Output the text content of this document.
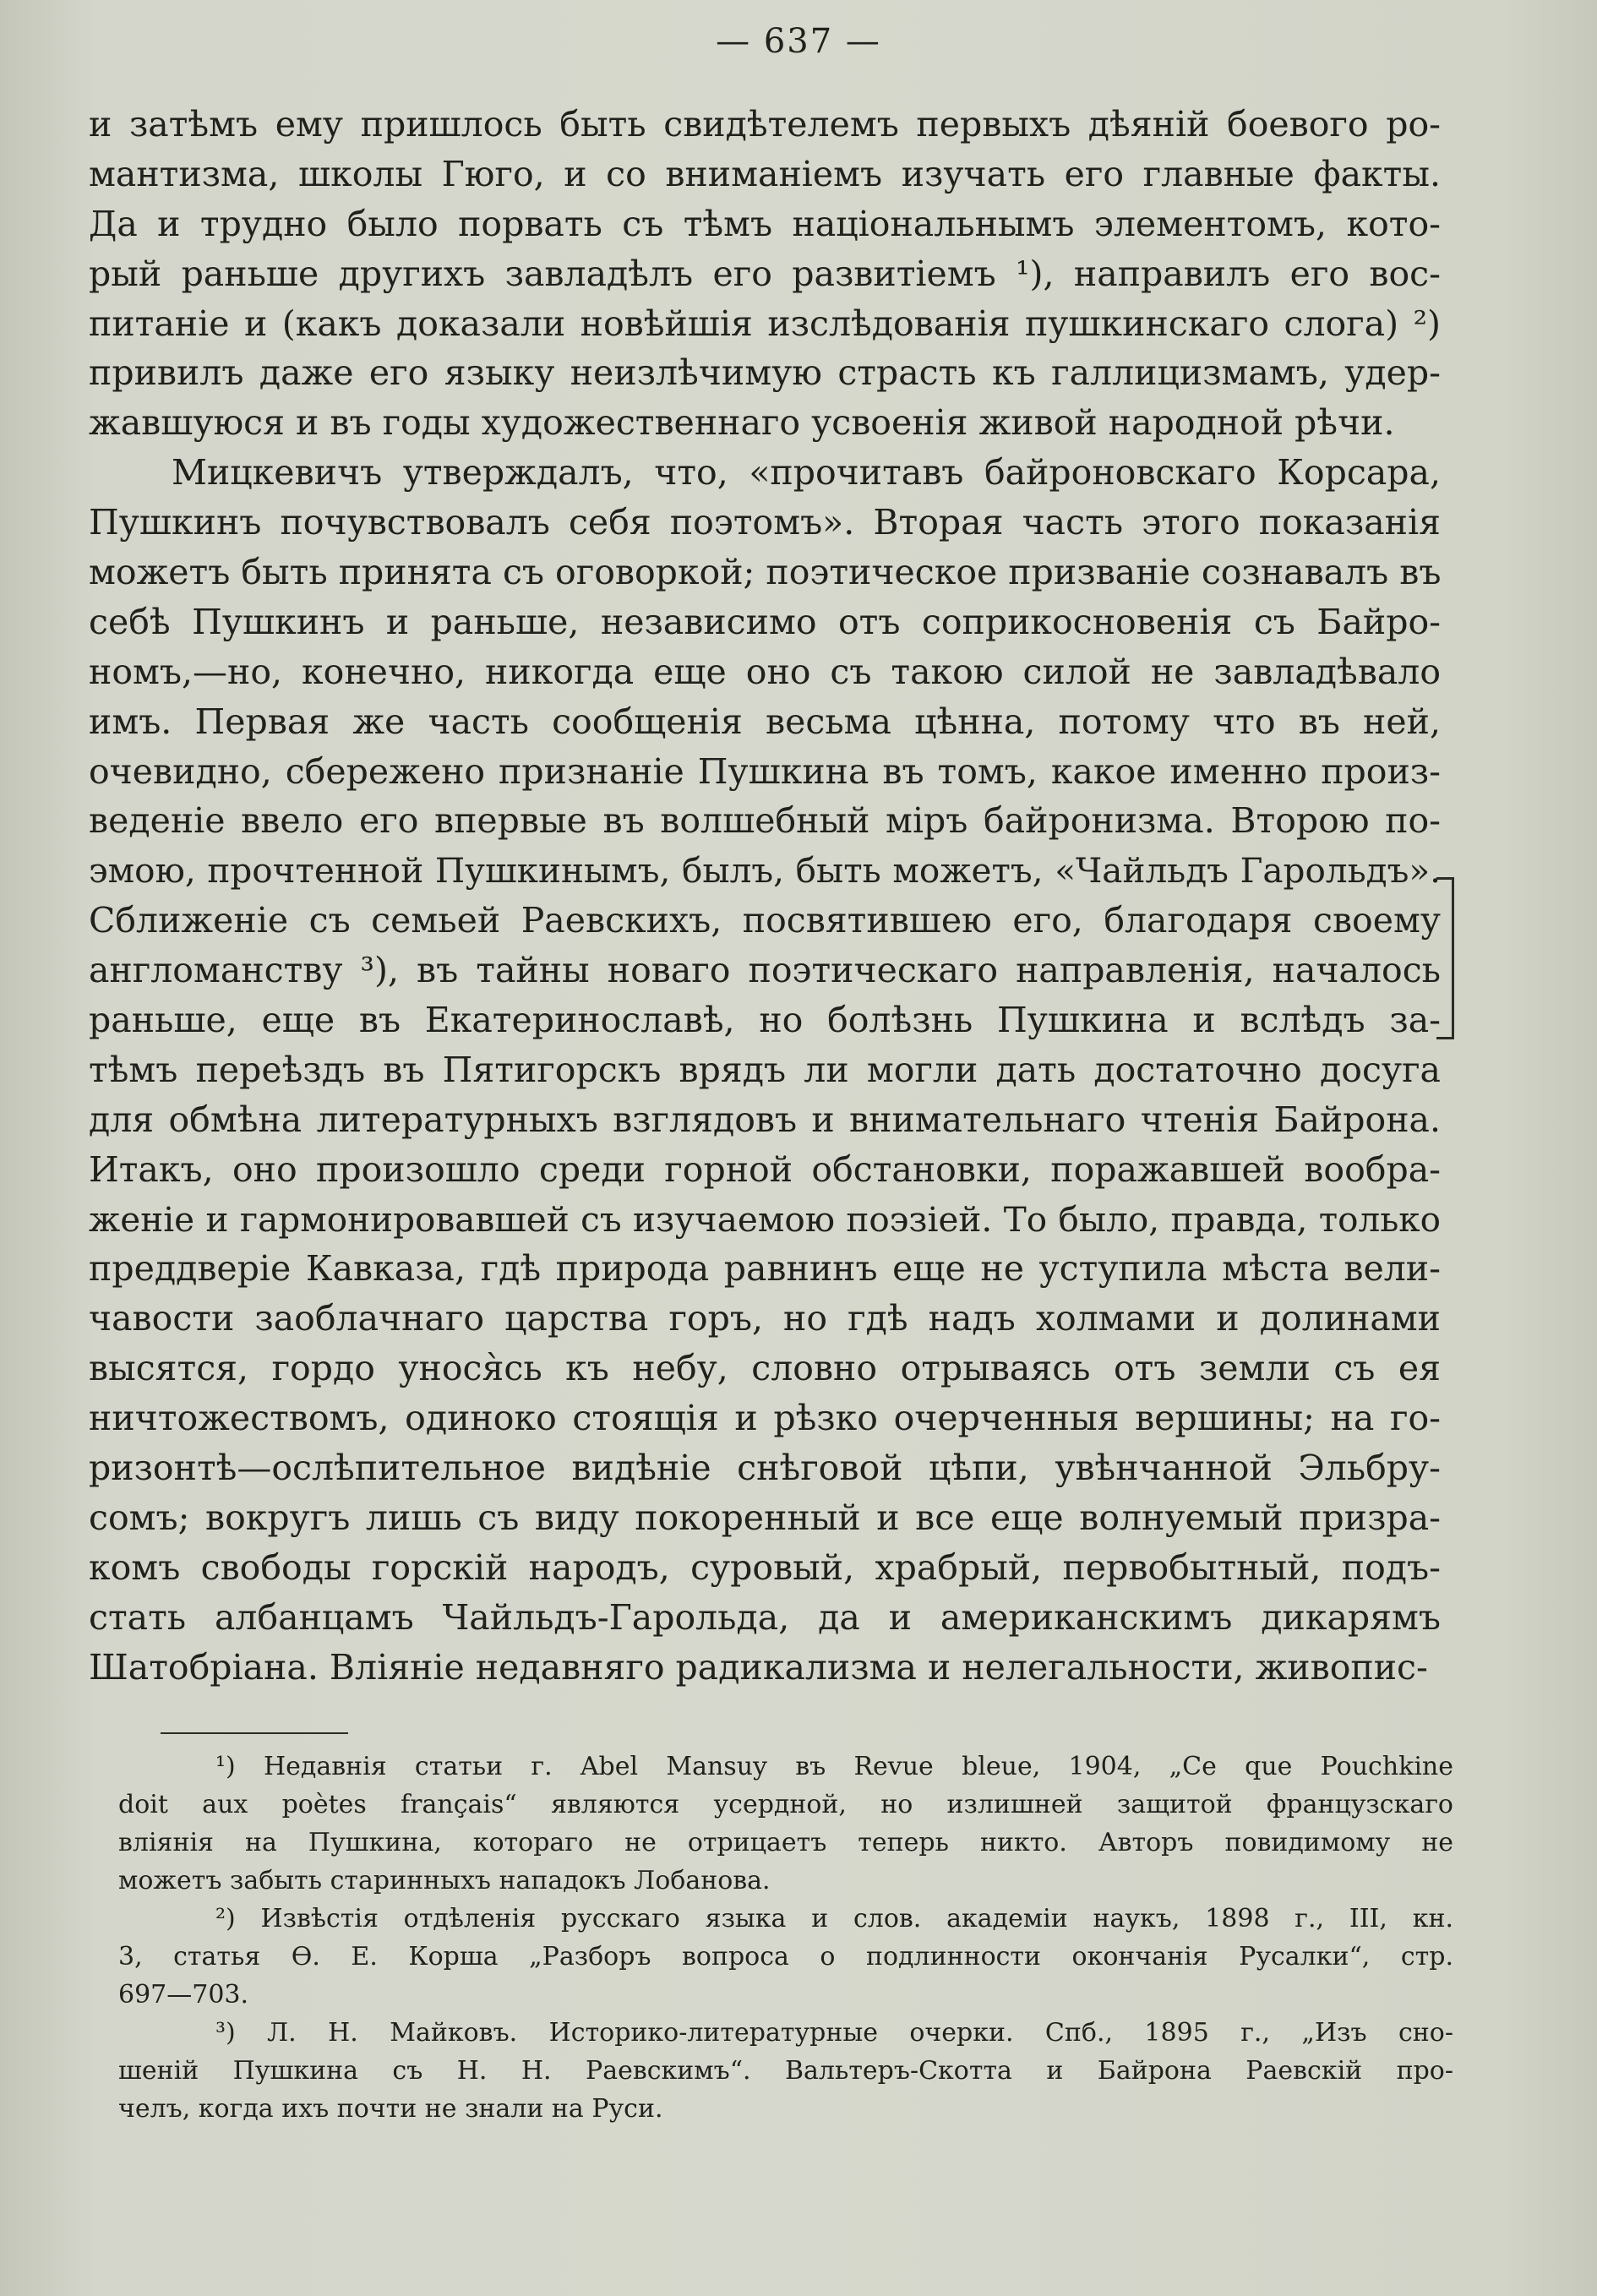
— 637 —
и затѣмъ ему пришлось быть свидѣтелемъ первыхъ дѣяній боевого ро-
мантизма, школы Гюго, и со вниманіемъ изучать его главные факты.
Да и трудно было порвать съ тѣмъ національнымъ элементомъ, кото-
рый раньше другихъ завладѣлъ его развитіемъ ¹), направилъ его вос-
питаніе и (какъ доказали новѣйшія изслѣдованія пушкинскаго слога) ²)
привилъ даже его языку неизлѣчимую страсть къ галлицизмамъ, удер-
жавшуюся и въ годы художественнаго усвоенія живой народной рѣчи.
Мицкевичъ утверждалъ, что, «прочитавъ байроновскаго Корсара,
Пушкинъ почувствовалъ себя поэтомъ». Вторая часть этого показанія
можетъ быть принята съ оговоркой; поэтическое призваніе сознавалъ въ
себѣ Пушкинъ и раньше, независимо отъ соприкосновенія съ Байро-
номъ,—но, конечно, никогда еще оно съ такою силой не завладѣвало
имъ. Первая же часть сообщенія весьма цѣнна, потому что въ ней,
очевидно, сбережено признаніе Пушкина въ томъ, какое именно произ-
веденіе ввело его впервые въ волшебный міръ байронизма. Второю по-
эмою, прочтенной Пушкинымъ, былъ, быть можетъ, «Чайльдъ Гарольдъ».
Сближеніе съ семьей Раевскихъ, посвятившею его, благодаря своему
англоманству ³), въ тайны новаго поэтическаго направленія, началось
раньше, еще въ Екатеринославѣ, но болѣзнь Пушкина и вслѣдъ за-
тѣмъ переѣздъ въ Пятигорскъ врядъ ли могли дать достаточно досуга
для обмѣна литературныхъ взглядовъ и внимательнаго чтенія Байрона.
Итакъ, оно произошло среди горной обстановки, поражавшей вообра-
женіе и гармонировавшей съ изучаемою поэзіей. То было, правда, только
преддверіе Кавказа, гдѣ природа равнинъ еще не уступила мѣста вели-
чавости заоблачнаго царства горъ, но гдѣ надъ холмами и долинами
высятся, гордо унося̀сь къ небу, словно отрываясь отъ земли съ ея
ничтожествомъ, одиноко стоящія и рѣзко очерченныя вершины; на го-
ризонтѣ—ослѣпительное видѣніе снѣговой цѣпи, увѣнчанной Эльбру-
сомъ; вокругъ лишь съ виду покоренный и все еще волнуемый призра-
комъ свободы горскій народъ, суровый, храбрый, первобытный, подъ-
стать албанцамъ Чайльдъ-Гарольда, да и американскимъ дикарямъ
Шатобріана. Вліяніе недавняго радикализма и нелегальности, живопис-
¹) Недавнія статьи г. Abel Mansuy въ Revue bleue, 1904, „Ce que Pouchkine
doit aux poètes français“ являются усердной, но излишней защитой французскаго
вліянія на Пушкина, котораго не отрицаетъ теперь никто. Авторъ повидимому не
можетъ забыть старинныхъ нападокъ Лобанова.
²) Извѣстія отдѣленія русскаго языка и слов. академіи наукъ, 1898 г., III, кн.
3, статья Ѳ. Е. Корша „Разборъ вопроса о подлинности окончанія Русалки“, стр.
697—703.
³) Л. Н. Майковъ. Историко-литературные очерки. Спб., 1895 г., „Изъ сно-
шеній Пушкина съ Н. Н. Раевскимъ“. Вальтеръ-Скотта и Байрона Раевскій про-
челъ, когда ихъ почти не знали на Руси.
